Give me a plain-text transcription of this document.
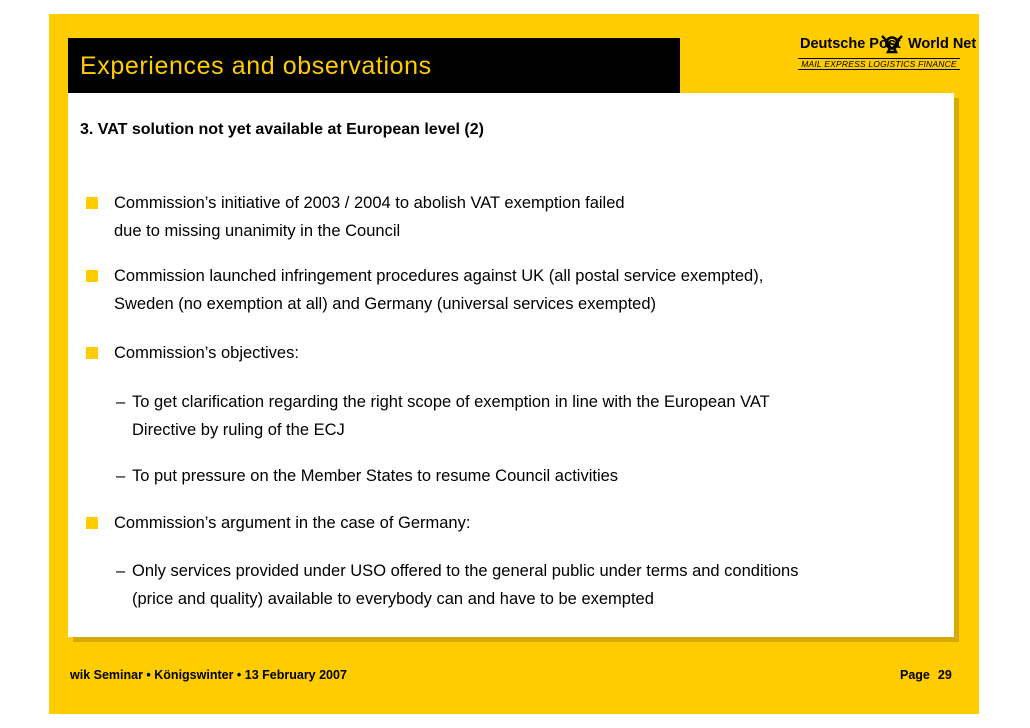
Experiences and observations
Deutsche Post World Net
MAIL EXPRESS LOGISTICS FINANCE
3. VAT solution not yet available at European level (2)
Commission’s initiative of 2003 / 2004 to abolish VAT exemption failed
due to missing unanimity in the Council
Commission launched infringement procedures against UK (all postal service exempted),
Sweden (no exemption at all) and Germany (universal services exempted)
Commission’s objectives:
– To get clarification regarding the right scope of exemption in line with the European VAT
Directive by ruling of the ECJ
– To put pressure on the Member States to resume Council activities
Commission’s argument in the case of Germany:
– Only services provided under USO offered to the general public under terms and conditions
(price and quality) available to everybody can and have to be exempted
wik Seminar • Königswinter • 13 February 2007	Page 29
